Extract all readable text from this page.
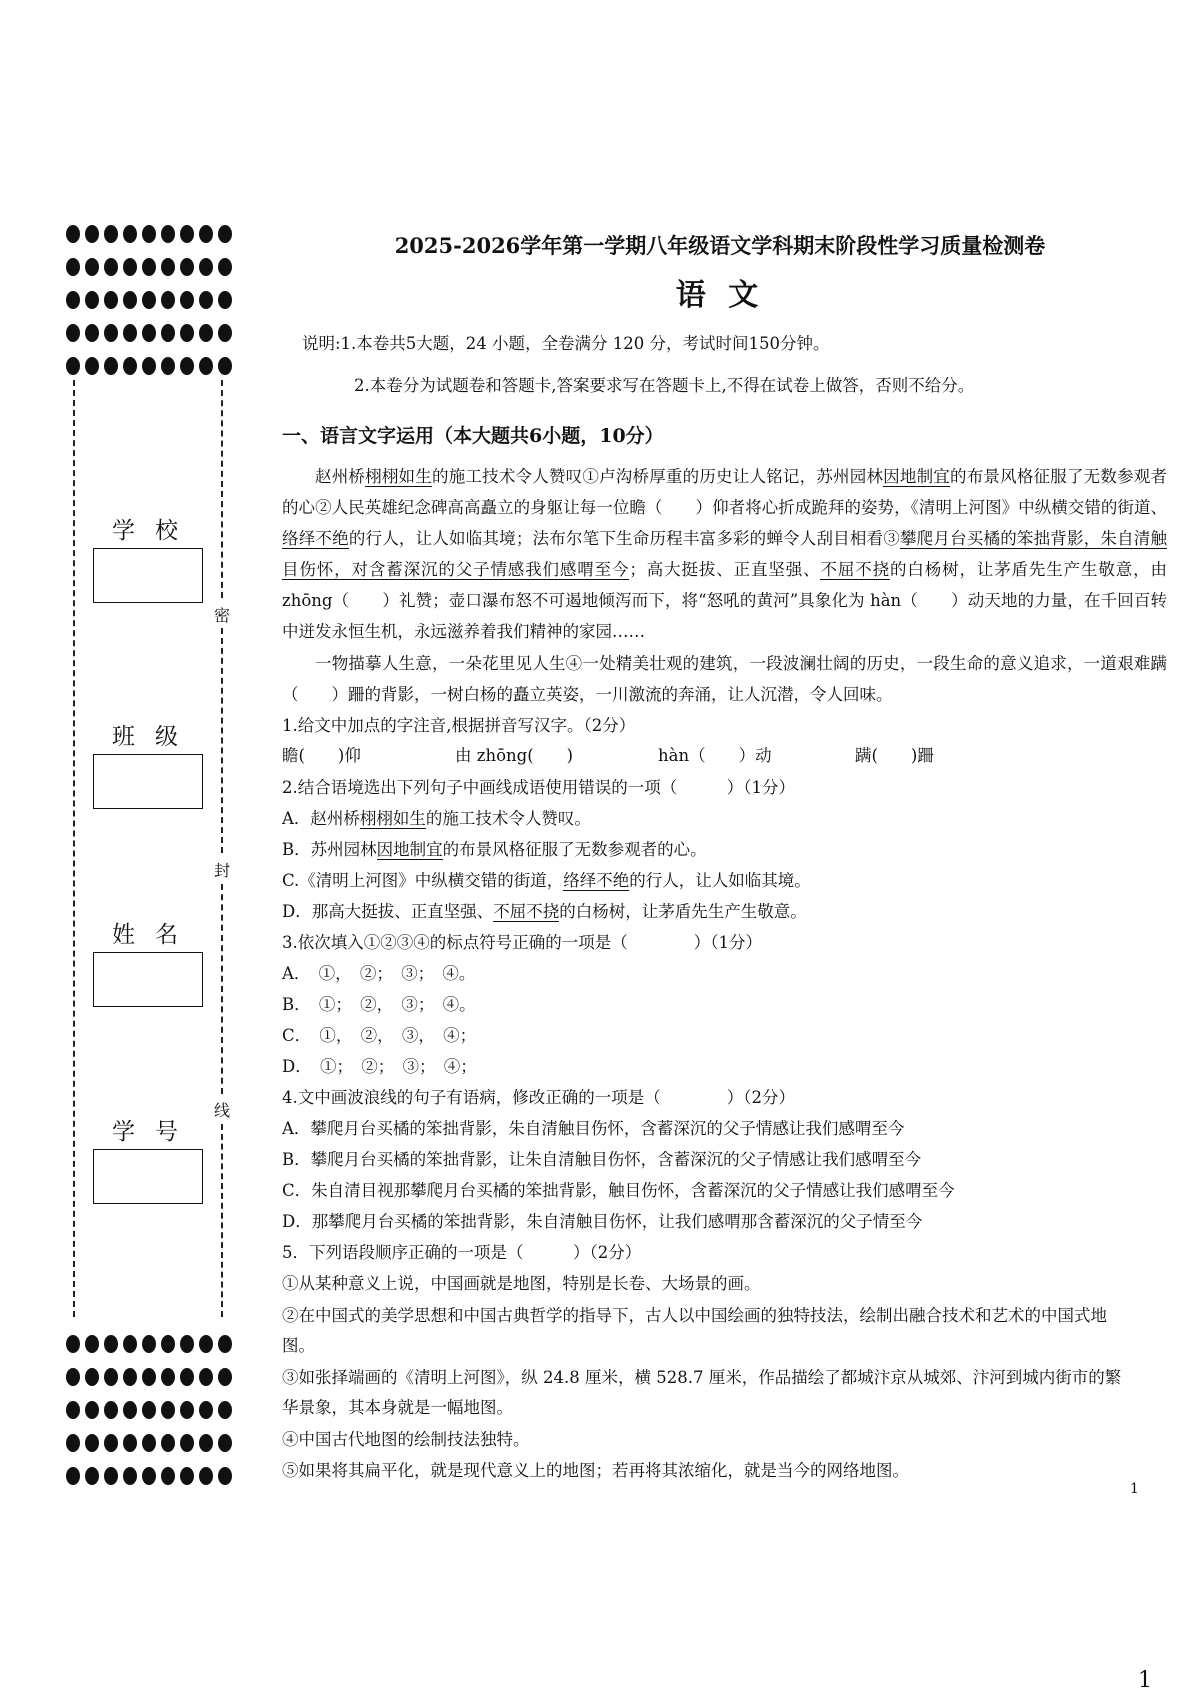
密
封
线
学校
班级
姓名
学号
2025-2026学年第一学期八年级语文学科期末阶段性学习质量检测卷
语 文
说明:1.本卷共5大题，24 小题，全卷满分 120 分，考试时间150分钟。
2.本卷分为试题卷和答题卡,答案要求写在答题卡上,不得在试卷上做答，否则不给分。
一、语言文字运用（本大题共6小题，10分）
赵州桥栩栩如生的施工技术令人赞叹①卢沟桥厚重的历史让人铭记，苏州园林因地制宜的布景风格征服了无数参观者的心②人民英雄纪念碑高高矗立的身躯让每一位瞻（　　）仰者将心折成跪拜的姿势，《清明上河图》中纵横交错的街道、络绎不绝的行人，让人如临其境；法布尔笔下生命历程丰富多彩的蝉令人刮目相看③攀爬月台买橘的笨拙背影，朱自清触目伤怀，对含蓄深沉的父子情感我们感喟至今；高大挺拔、正直坚强、不屈不挠的白杨树，让茅盾先生产生敬意，由 zhōng（　　）礼赞；壶口瀑布怒不可遏地倾泻而下，将“怒吼的黄河”具象化为 hàn（　　）动天地的力量，在千回百转中迸发永恒生机，永远滋养着我们精神的家园……
一物描摹人生意，一朵花里见人生④一处精美壮观的建筑，一段波澜壮阔的历史，一段生命的意义追求，一道艰难蹒（　　）跚的背影，一树白杨的矗立英姿，一川激流的奔涌，让人沉潜，令人回味。
1.给文中加点的字注音,根据拼音写汉字。（2分）
瞻(　　)仰	由 zhōng(　　)	hàn（　　）动	蹒(　　)跚
2.结合语境选出下列句子中画线成语使用错误的一项（　　　）（1分）
A．赵州桥栩栩如生的施工技术令人赞叹。
B．苏州园林因地制宜的布景风格征服了无数参观者的心。
C.《清明上河图》中纵横交错的街道，络绎不绝的行人，让人如临其境。
D．那高大挺拔、正直坚强、不屈不挠的白杨树，让茅盾先生产生敬意。
3.依次填入①②③④的标点符号正确的一项是（　　　　）（1分）
A．　①，　②；　③；　④。
B．　①；　②，　③；　④。
C．　①，　②，　③，　④；
D．　①；　②；　③；　④；
4.文中画波浪线的句子有语病，修改正确的一项是（　　　　）（2分）
A．攀爬月台买橘的笨拙背影，朱自清触目伤怀，含蓄深沉的父子情感让我们感喟至今
B．攀爬月台买橘的笨拙背影，让朱自清触目伤怀，含蓄深沉的父子情感让我们感喟至今
C．朱自清目视那攀爬月台买橘的笨拙背影，触目伤怀，含蓄深沉的父子情感让我们感喟至今
D．那攀爬月台买橘的笨拙背影，朱自清触目伤怀，让我们感喟那含蓄深沉的父子情至今
5．下列语段顺序正确的一项是（　　　）（2分）
①从某种意义上说，中国画就是地图，特别是长卷、大场景的画。
②在中国式的美学思想和中国古典哲学的指导下，古人以中国绘画的独特技法，绘制出融合技术和艺术的中国式地
图。
③如张择端画的《清明上河图》，纵 24.8 厘米，横 528.7 厘米，作品描绘了都城汴京从城郊、汴河到城内街市的繁
华景象，其本身就是一幅地图。
④中国古代地图的绘制技法独特。
⑤如果将其扁平化，就是现代意义上的地图；若再将其浓缩化，就是当今的网络地图。
1
1
